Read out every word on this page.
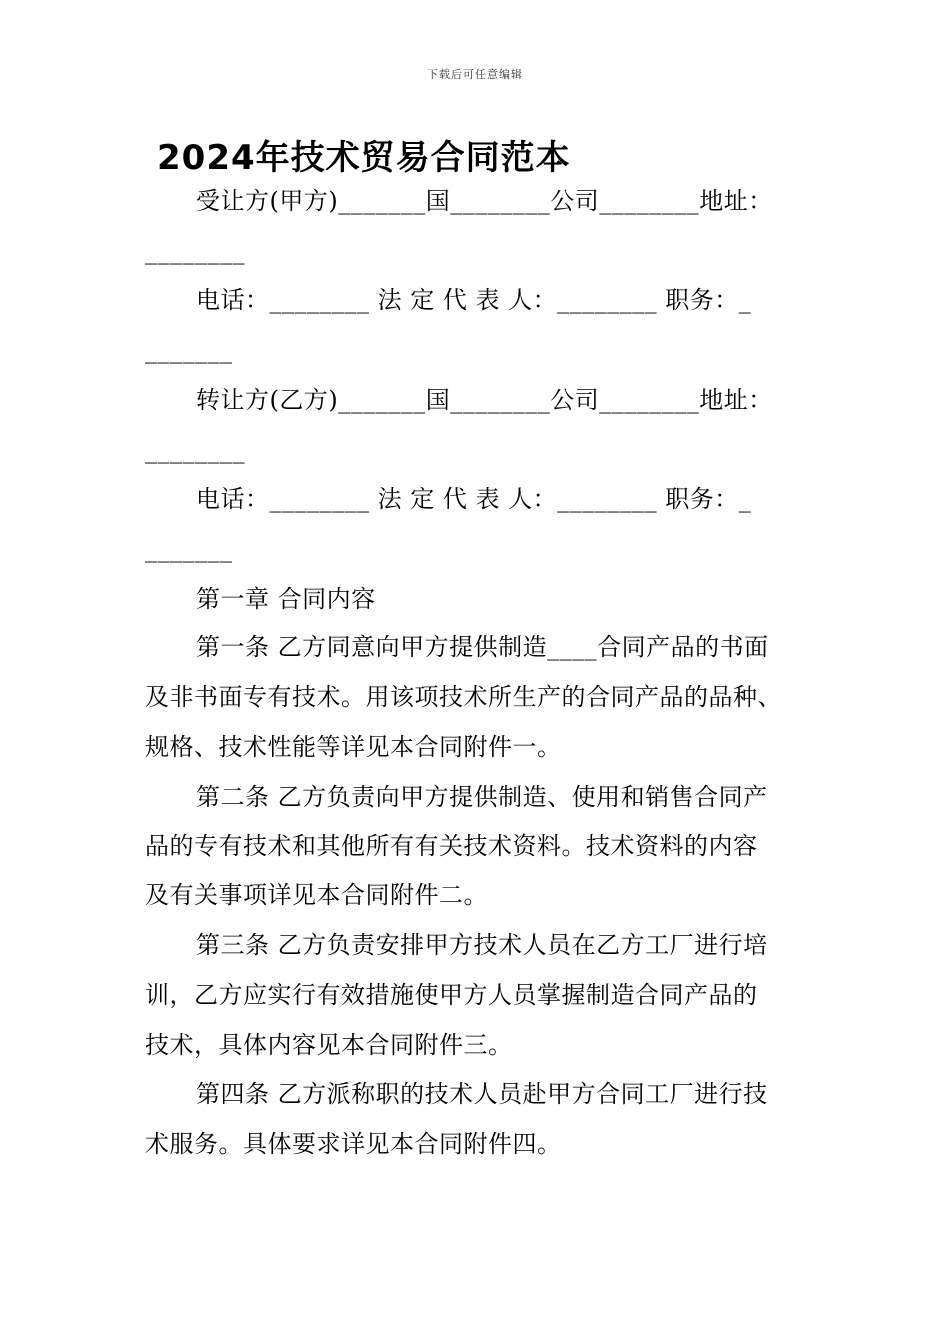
下载后可任意编辑
2024年技术贸易合同范本
受让方(甲方)_______国________公司________地址：
________
电话：________ 法 定 代 表 人：________ 职务：_
_______
转让方(乙方)_______国________公司________地址：
________
电话：________ 法 定 代 表 人：________ 职务：_
_______
第一章 合同内容
第一条 乙方同意向甲方提供制造____合同产品的书面
及非书面专有技术。用该项技术所生产的合同产品的品种、
规格、技术性能等详见本合同附件一。
第二条 乙方负责向甲方提供制造、使用和销售合同产
品的专有技术和其他所有有关技术资料。技术资料的内容
及有关事项详见本合同附件二。
第三条 乙方负责安排甲方技术人员在乙方工厂进行培
训，乙方应实行有效措施使甲方人员掌握制造合同产品的
技术，具体内容见本合同附件三。
第四条 乙方派称职的技术人员赴甲方合同工厂进行技
术服务。具体要求详见本合同附件四。
